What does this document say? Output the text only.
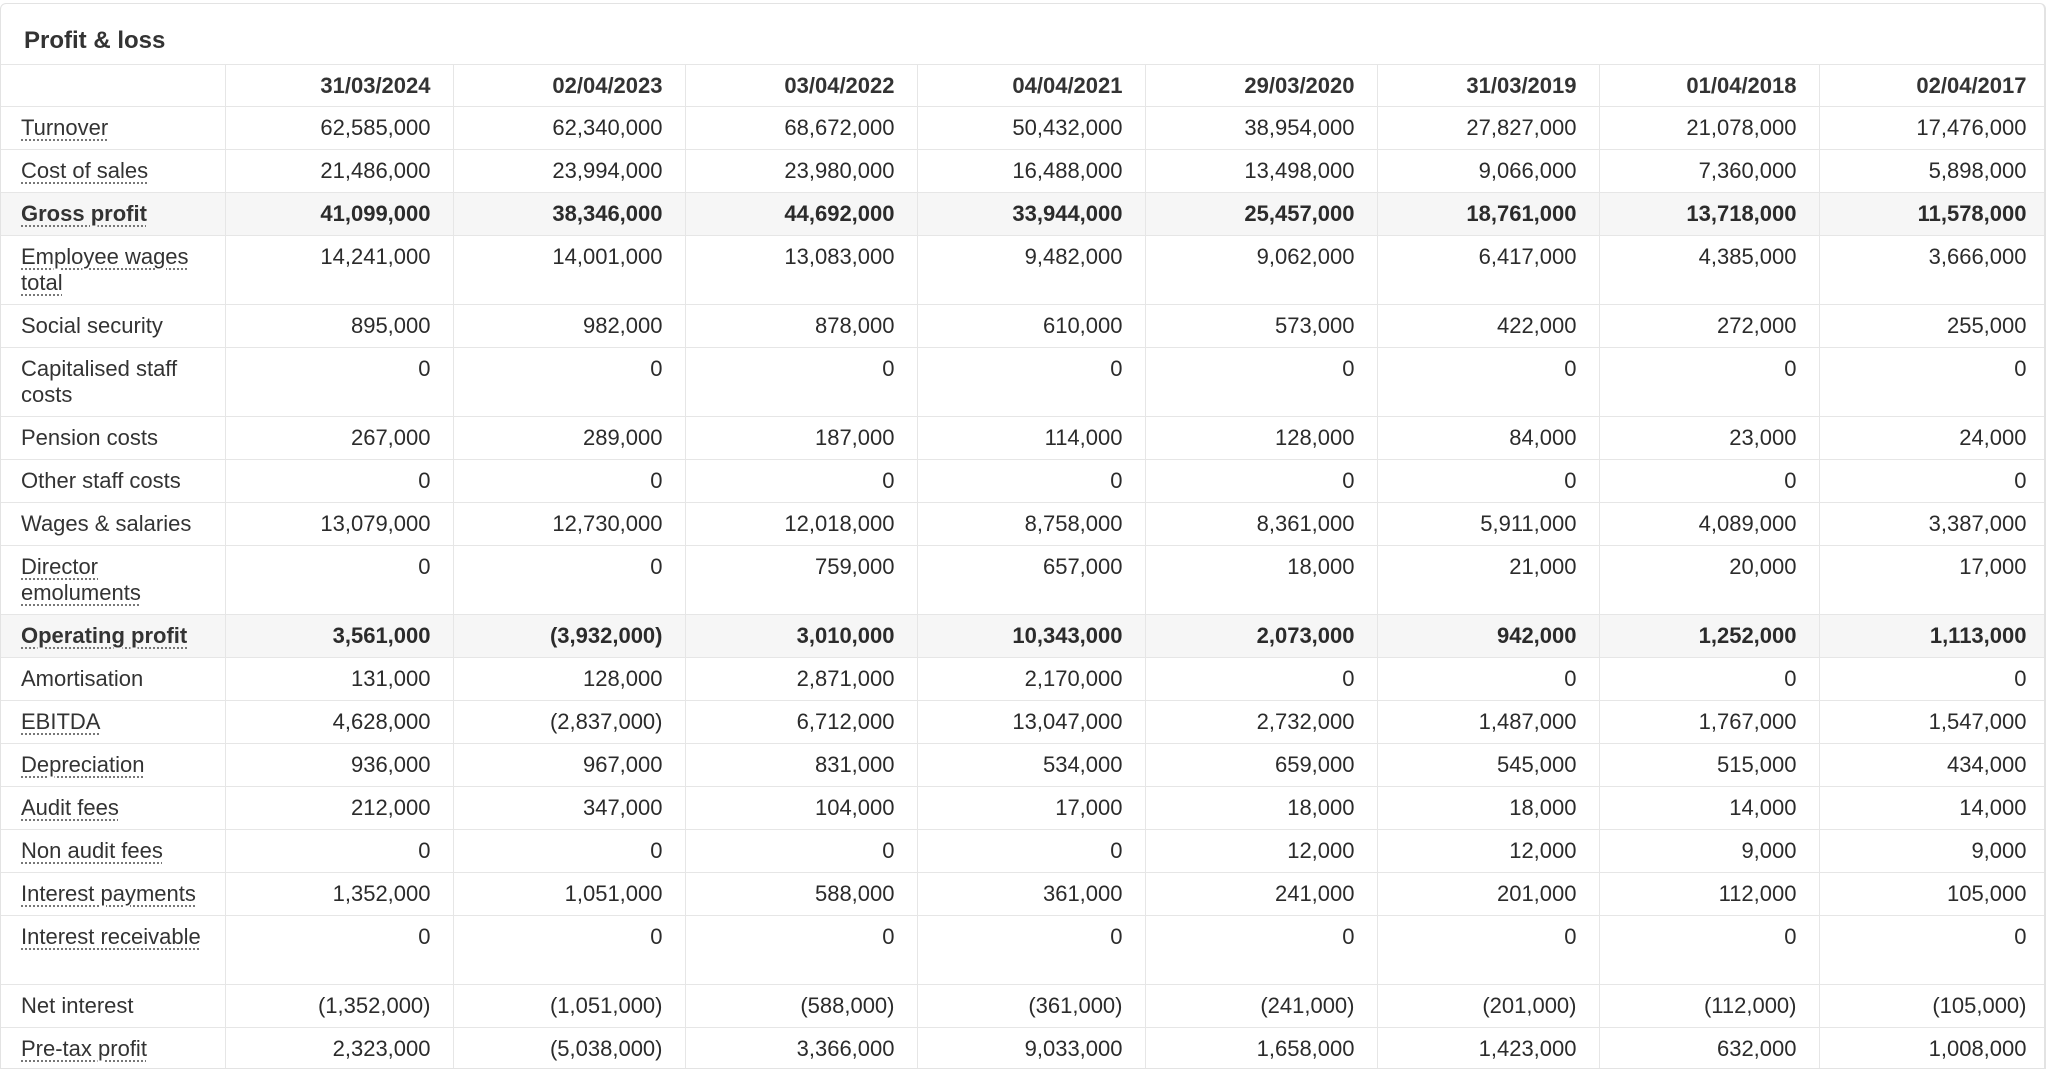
Profit & loss
	31/03/2024	02/04/2023	03/04/2022	04/04/2021	29/03/2020	31/03/2019	01/04/2018	02/04/2017
Turnover	62,585,000	62,340,000	68,672,000	50,432,000	38,954,000	27,827,000	21,078,000	17,476,000
Cost of sales	21,486,000	23,994,000	23,980,000	16,488,000	13,498,000	9,066,000	7,360,000	5,898,000
Gross profit	41,099,000	38,346,000	44,692,000	33,944,000	25,457,000	18,761,000	13,718,000	11,578,000
Employee wages total	14,241,000	14,001,000	13,083,000	9,482,000	9,062,000	6,417,000	4,385,000	3,666,000
Social security	895,000	982,000	878,000	610,000	573,000	422,000	272,000	255,000
Capitalised staff costs	0	0	0	0	0	0	0	0
Pension costs	267,000	289,000	187,000	114,000	128,000	84,000	23,000	24,000
Other staff costs	0	0	0	0	0	0	0	0
Wages & salaries	13,079,000	12,730,000	12,018,000	8,758,000	8,361,000	5,911,000	4,089,000	3,387,000
Director emoluments	0	0	759,000	657,000	18,000	21,000	20,000	17,000
Operating profit	3,561,000	(3,932,000)	3,010,000	10,343,000	2,073,000	942,000	1,252,000	1,113,000
Amortisation	131,000	128,000	2,871,000	2,170,000	0	0	0	0
EBITDA	4,628,000	(2,837,000)	6,712,000	13,047,000	2,732,000	1,487,000	1,767,000	1,547,000
Depreciation	936,000	967,000	831,000	534,000	659,000	545,000	515,000	434,000
Audit fees	212,000	347,000	104,000	17,000	18,000	18,000	14,000	14,000
Non audit fees	0	0	0	0	12,000	12,000	9,000	9,000
Interest payments	1,352,000	1,051,000	588,000	361,000	241,000	201,000	112,000	105,000
Interest receivable	0	0	0	0	0	0	0	0
Net interest	(1,352,000)	(1,051,000)	(588,000)	(361,000)	(241,000)	(201,000)	(112,000)	(105,000)
Pre-tax profit	2,323,000	(5,038,000)	3,366,000	9,033,000	1,658,000	1,423,000	632,000	1,008,000
